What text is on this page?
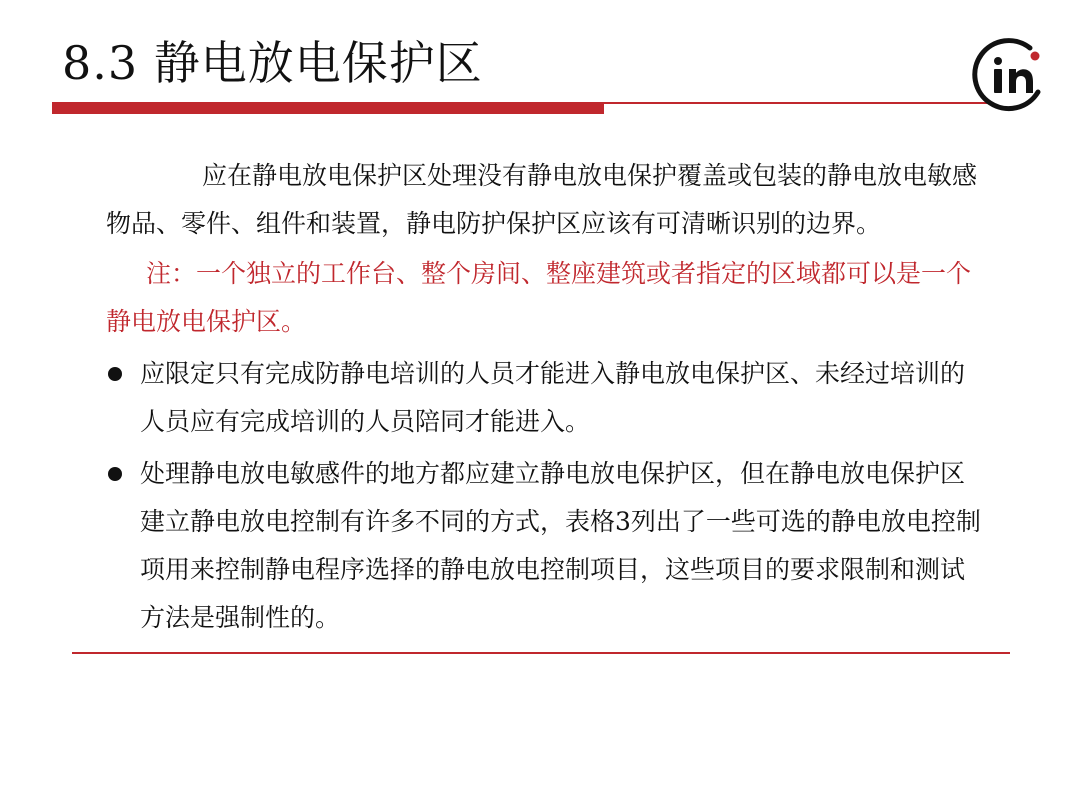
8.3 静电放电保护区

应在静电放电保护区处理没有静电放电保护覆盖或包装的静电放电敏感物品、零件、组件和装置，静电防护保护区应该有可清晰识别的边界。

注：一个独立的工作台、整个房间、整座建筑或者指定的区域都可以是一个静电放电保护区。

应限定只有完成防静电培训的人员才能进入静电放电保护区、未经过培训的人员应有完成培训的人员陪同才能进入。
处理静电放电敏感件的地方都应建立静电放电保护区，但在静电放电保护区建立静电放电控制有许多不同的方式，表格3列出了一些可选的静电放电控制项用来控制静电程序选择的静电放电控制项目，这些项目的要求限制和测试方法是强制性的。
